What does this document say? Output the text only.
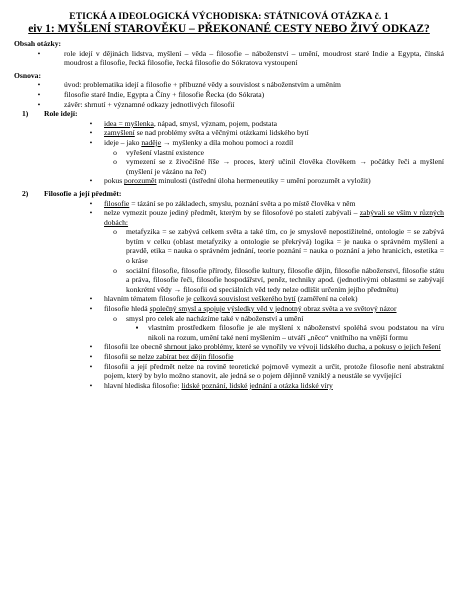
ETICKÁ A IDEOLOGICKÁ VÝCHODISKA: STÁTNICOVÁ OTÁZKA č. 1
eiv 1: MYŠLENÍ STAROVĚKU – PŘEKONANÉ CESTY NEBO ŽIVÝ ODKAZ?
Obsah otázky:
•	role idejí v dějinách lidstva, myšlení – věda – filosofie – náboženství – umění, moudrost staré Indie a Egypta, čínská moudrost a filosofie, řecká filosofie, řecká filosofie do Sókratova vystoupení
Osnova:
•	úvod: problematika idejí a filosofie + příbuzné vědy a souvislost s náboženstvím a uměním
•	filosofie staré Indie, Egypta a Číny + filosofie Řecka (do Sókrata)
•	závěr: shrnutí + významné odkazy jednotlivých filosofií
1) Role idejí:
•	idea = myšlenka, nápad, smysl, význam, pojem, podstata
•	zamyšlení se nad problémy světa a věčnými otázkami lidského bytí
•	ideje – jako naděje → myšlenky a díla mohou pomoci a rozdíl
o	vyřešení vlastní existence
o	vymezení se z živočišné říše → proces, který učinil člověka člověkem → počátky řeči a myšlení (myšlení je vázáno na řeč)
•	pokus porozumět minulosti (ústřední úloha hermeneutiky = umění porozumět a vyložit)
2) Filosofie a její předmět:
•	filosofie = tázání se po základech, smyslu, poznání světa a po místě člověka v něm
•	nelze vymezit pouze jediný předmět, kterým by se filosofové po staletí zabývali – zabývali se vším v různých dobách:
o	metafyzika = se zabývá celkem světa a také tím, co je smyslově nepostižitelné, ontologie = se zabývá bytím v celku (oblast metafyziky a ontologie se překrývá) logika = je nauka o správném myšlení a pravdě, etika = nauka o správném jednání, teorie poznání = nauka o poznání a jeho hranicích, estetika = o kráse
o	sociální filosofie, filosofie přírody, filosofie kultury, filosofie dějin, filosofie náboženství, filosofie státu a práva, filosofie řeči, filosofie hospodářství, peněz, techniky apod. (jednotlivými oblastmi se zabývají konkrétní vědy → filosofii od speciálních věd tedy nelze odlišit určením jejího předmětu)
•	hlavním tématem filosofie je celková souvislost veškerého bytí (zaměření na celek)
•	filosofie hledá společný smysl a spojuje výsledky věd v jednotný obraz světa a ve světový názor
o	smysl pro celek ale nacházíme také v náboženství a umění
▪	vlastním prostředkem filosofie je ale myšlení x náboženství spoléhá svou podstatou na víru nikoli na rozum, umění také není myšlením – utváří „něco“ vnitřního na vnější formu
•	filosofii lze obecně shrnout jako problémy, které se vynořily ve vývoji lidského ducha, a pokusy o jejich řešení
•	filosofii se nelze zabírat bez dějin filosofie
•	filosofii a její předmět nelze na rovině teoretické pojmově vymezit a určit, protože filosofie není abstraktní pojem, který by bylo možno stanovit, ale jedná se o pojem dějinně vzniklý a neustále se vyvíjející
•	hlavní hlediska filosofie: lidské poznání, lidské jednání a otázka lidské víry
